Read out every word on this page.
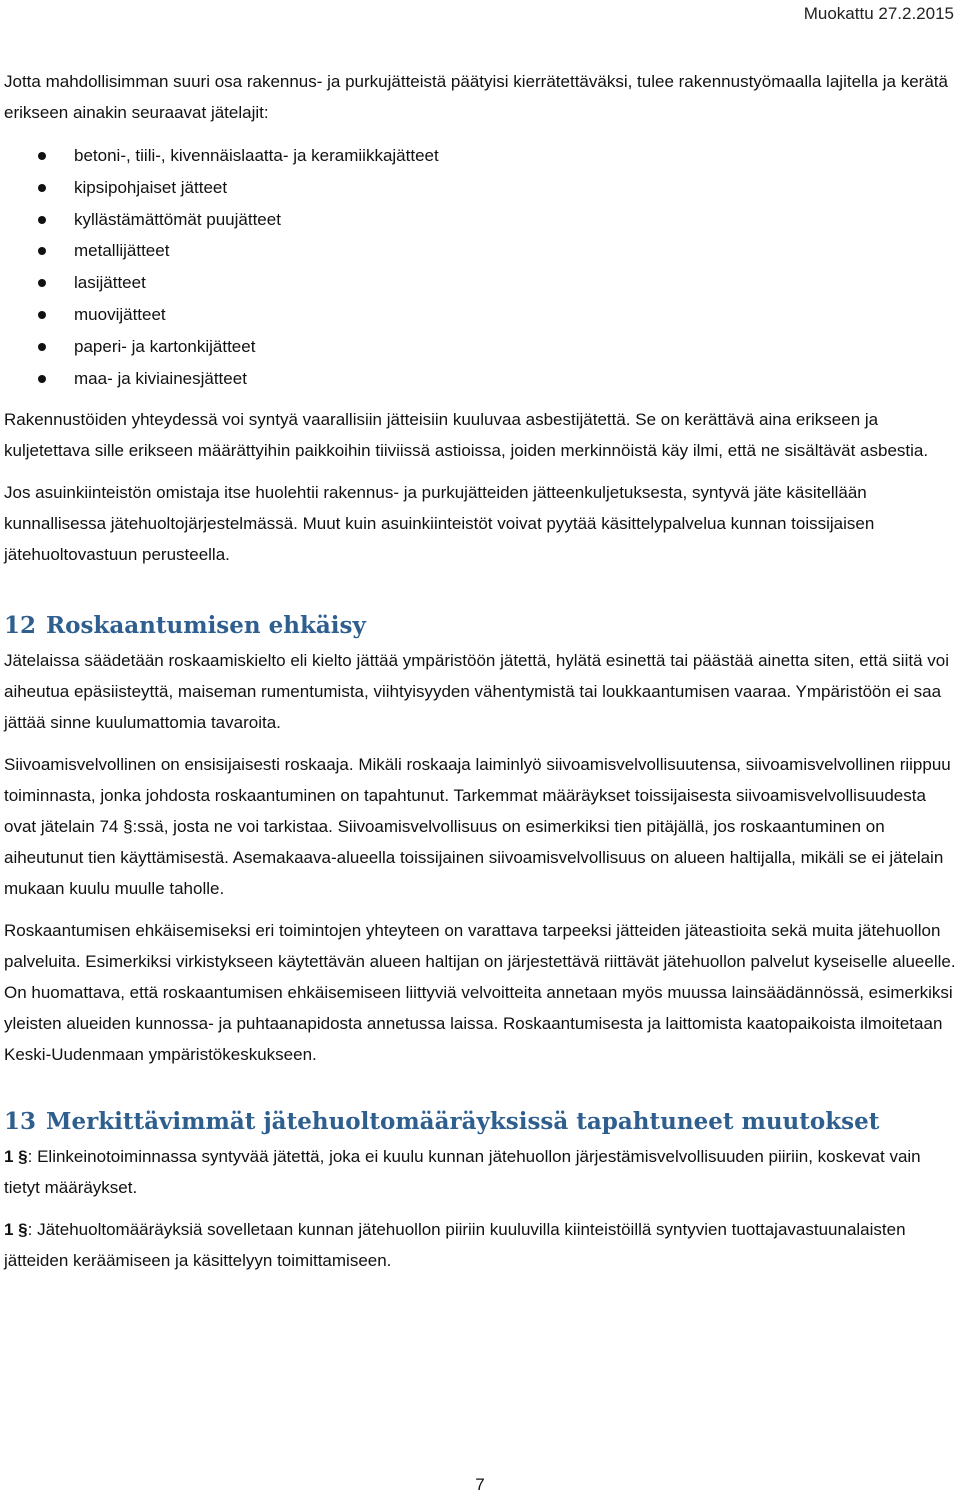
Muokattu 27.2.2015

Jotta mahdollisimman suuri osa rakennus- ja purkujätteistä päätyisi kierrätettäväksi, tulee rakennustyömaalla lajitella ja kerätä erikseen ainakin seuraavat jätelajit:

betoni-, tiili-, kivennäislaatta- ja keramiikkajätteet
kipsipohjaiset jätteet
kyllästämättömät puujätteet
metallijätteet
lasijätteet
muovijätteet
paperi- ja kartonkijätteet
maa- ja kiviainesjätteet

Rakennustöiden yhteydessä voi syntyä vaarallisiin jätteisiin kuuluvaa asbestijätettä. Se on kerättävä aina erikseen ja kuljetettava sille erikseen määrättyihin paikkoihin tiiviissä astioissa, joiden merkinnöistä käy ilmi, että ne sisältävät asbestia.

Jos asuinkiinteistön omistaja itse huolehtii rakennus- ja purkujätteiden jätteenkuljetuksesta, syntyvä jäte käsitellään kunnallisessa jätehuoltojärjestelmässä. Muut kuin asuinkiinteistöt voivat pyytää käsittelypalvelua kunnan toissijaisen jätehuoltovastuun perusteella.

12 Roskaantumisen ehkäisy

Jätelaissa säädetään roskaamiskielto eli kielto jättää ympäristöön jätettä, hylätä esinettä tai päästää ainetta siten, että siitä voi aiheutua epäsiisteyttä, maiseman rumentumista, viihtyisyyden vähentymistä tai loukkaantumisen vaaraa. Ympäristöön ei saa jättää sinne kuulumattomia tavaroita.

Siivoamisvelvollinen on ensisijaisesti roskaaja. Mikäli roskaaja laiminlyö siivoamisvelvollisuutensa, siivoamisvelvollinen riippuu toiminnasta, jonka johdosta roskaantuminen on tapahtunut. Tarkemmat määräykset toissijaisesta siivoamisvelvollisuudesta ovat jätelain 74 §:ssä, josta ne voi tarkistaa. Siivoamisvelvollisuus on esimerkiksi tien pitäjällä, jos roskaantuminen on aiheutunut tien käyttämisestä. Asemakaava-alueella toissijainen siivoamisvelvollisuus on alueen haltijalla, mikäli se ei jätelain mukaan kuulu muulle taholle.

Roskaantumisen ehkäisemiseksi eri toimintojen yhteyteen on varattava tarpeeksi jätteiden jäteastioita sekä muita jätehuollon palveluita. Esimerkiksi virkistykseen käytettävän alueen haltijan on järjestettävä riittävät jätehuollon palvelut kyseiselle alueelle. On huomattava, että roskaantumisen ehkäisemiseen liittyviä velvoitteita annetaan myös muussa lainsäädännössä, esimerkiksi yleisten alueiden kunnossa- ja puhtaanapidosta annetussa laissa. Roskaantumisesta ja laittomista kaatopaikoista ilmoitetaan Keski-Uudenmaan ympäristökeskukseen.

13 Merkittävimmät jätehuoltomääräyksissä tapahtuneet muutokset

1 §: Elinkeinotoiminnassa syntyvää jätettä, joka ei kuulu kunnan jätehuollon järjestämisvelvollisuuden piiriin, koskevat vain tietyt määräykset.

1 §: Jätehuoltomääräyksiä sovelletaan kunnan jätehuollon piiriin kuuluvilla kiinteistöillä syntyvien tuottajavastuunalaisten jätteiden keräämiseen ja käsittelyyn toimittamiseen.

7
